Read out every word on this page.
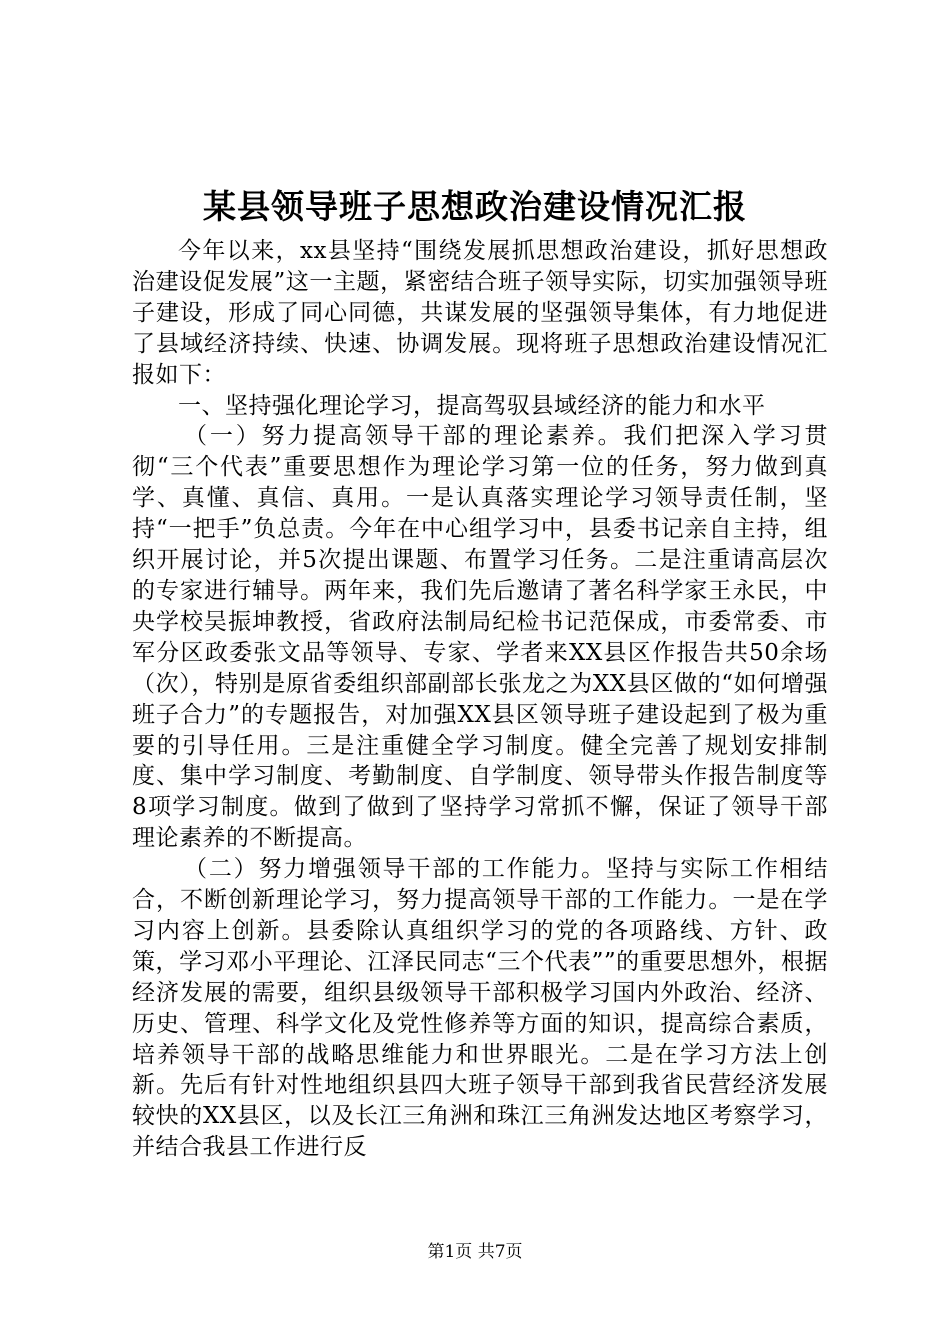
某县领导班子思想政治建设情况汇报

今年以来，xx县坚持“围绕发展抓思想政治建设，抓好思想政治建设促发展”这一主题，紧密结合班子领导实际，切实加强领导班子建设，形成了同心同德，共谋发展的坚强领导集体，有力地促进了县域经济持续、快速、协调发展。现将班子思想政治建设情况汇报如下：

一、坚持强化理论学习，提高驾驭县域经济的能力和水平

（一）努力提高领导干部的理论素养。我们把深入学习贯彻“三个代表”重要思想作为理论学习第一位的任务，努力做到真学、真懂、真信、真用。一是认真落实理论学习领导责任制，坚持“一把手”负总责。今年在中心组学习中，县委书记亲自主持，组织开展讨论，并5次提出课题、布置学习任务。二是注重请高层次的专家进行辅导。两年来，我们先后邀请了著名科学家王永民，中央学校吴振坤教授，省政府法制局纪检书记范保成，市委常委、市军分区政委张文品等领导、专家、学者来XX县区作报告共50余场（次），特别是原省委组织部副部长张龙之为XX县区做的“如何增强班子合力”的专题报告，对加强XX县区领导班子建设起到了极为重要的引导任用。三是注重健全学习制度。健全完善了规划安排制度、集中学习制度、考勤制度、自学制度、领导带头作报告制度等8项学习制度。做到了做到了坚持学习常抓不懈，保证了领导干部理论素养的不断提高。

（二）努力增强领导干部的工作能力。坚持与实际工作相结合，不断创新理论学习，努力提高领导干部的工作能力。一是在学习内容上创新。县委除认真组织学习的党的各项路线、方针、政策，学习邓小平理论、江泽民同志“三个代表””的重要思想外，根据经济发展的需要，组织县级领导干部积极学习国内外政治、经济、历史、管理、科学文化及党性修养等方面的知识，提高综合素质，培养领导干部的战略思维能力和世界眼光。二是在学习方法上创新。先后有针对性地组织县四大班子领导干部到我省民营经济发展较快的XX县区，以及长江三角洲和珠江三角洲发达地区考察学习，并结合我县工作进行反

第1页 共7页
